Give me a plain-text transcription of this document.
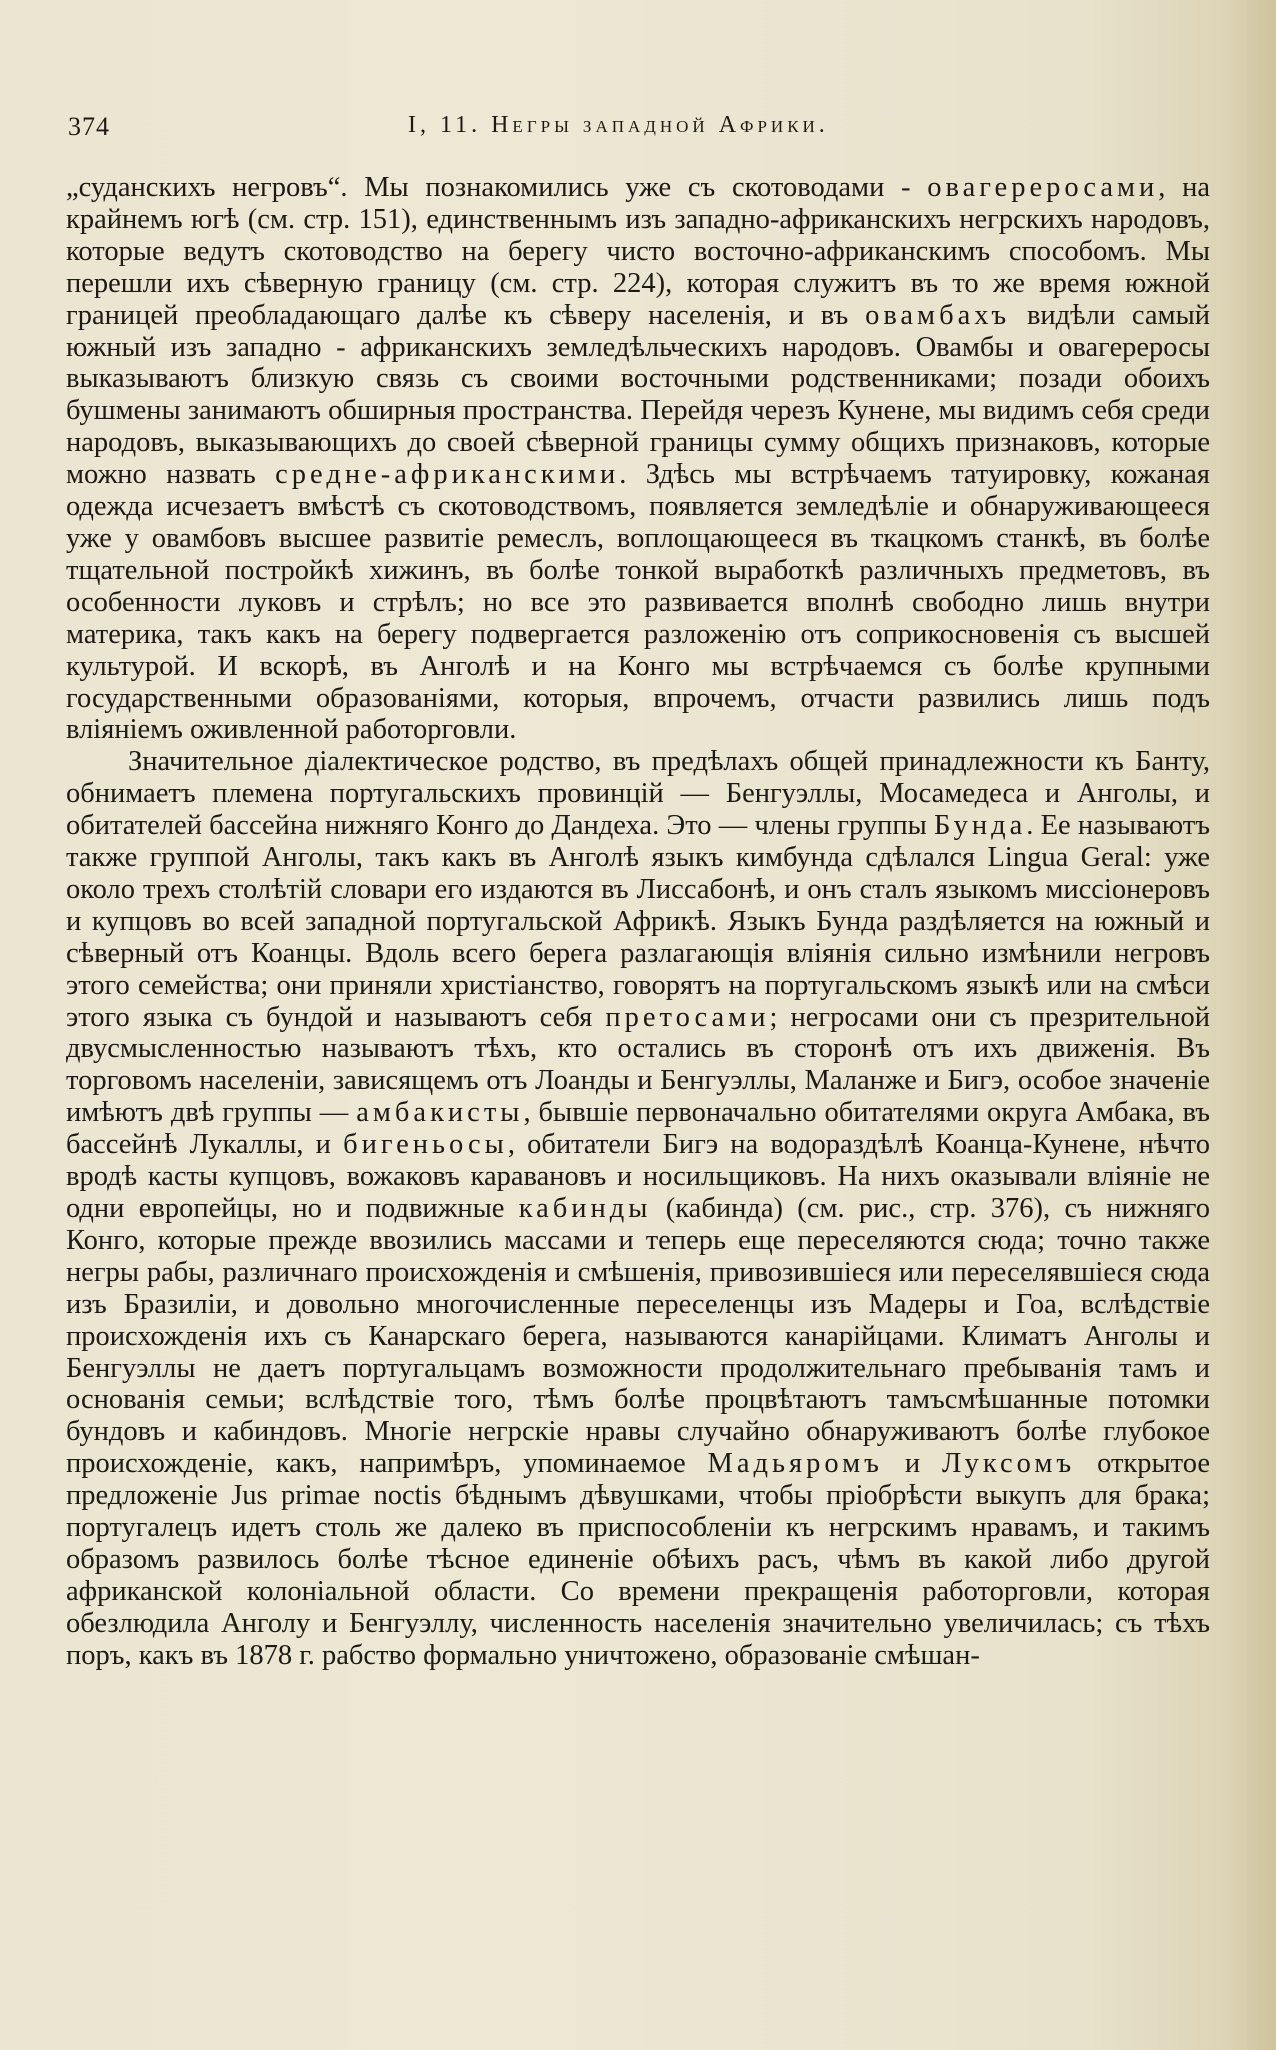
374	I, 11. Негры западной Африки.

„суданскихъ негровъ“. Мы познакомились уже съ скотоводами - овагереросами, на крайнемъ югѣ (см. стр. 151), единственнымъ изъ западно-африканскихъ негрскихъ народовъ, которые ведутъ скотоводство на берегу чисто восточно-африканскимъ способомъ. Мы перешли ихъ сѣверную границу (см. стр. 224), которая служитъ въ то же время южной границей преобладающаго далѣе къ сѣверу населенія, и въ овамбахъ видѣли самый южный изъ западно - африканскихъ земледѣльческихъ народовъ. Овамбы и овагереросы выказываютъ близкую связь съ своими восточными родственниками; позади обоихъ бушмены занимаютъ обширныя пространства. Перейдя черезъ Кунене, мы видимъ себя среди народовъ, выказывающихъ до своей сѣверной границы сумму общихъ признаковъ, которые можно назвать средне-африканскими. Здѣсь мы встрѣчаемъ татуировку, кожаная одежда исчезаетъ вмѣстѣ съ скотоводствомъ, появляется земледѣліе и обнаруживающееся уже у овамбовъ высшее развитіе ремеслъ, воплощающееся въ ткацкомъ станкѣ, въ болѣе тщательной постройкѣ хижинъ, въ болѣе тонкой выработкѣ различныхъ предметовъ, въ особенности луковъ и стрѣлъ; но все это развивается вполнѣ свободно лишь внутри материка, такъ какъ на берегу подвергается разложенію отъ соприкосновенія съ высшей культурой. И вскорѣ, въ Анголѣ и на Конго мы встрѣчаемся съ болѣе крупными государственными образованіями, которыя, впрочемъ, отчасти развились лишь подъ вліяніемъ оживленной работорговли.

Значительное діалектическое родство, въ предѣлахъ общей принадлежности къ Банту, обнимаетъ племена португальскихъ провинцій — Бенгуэллы, Мосамедеса и Анголы, и обитателей бассейна нижняго Конго до Дандеха. Это — члены группы Бунда. Ее называютъ также группой Анголы, такъ какъ въ Анголѣ языкъ кимбунда сдѣлался Lingua Geral: уже около трехъ столѣтій словари его издаются въ Лиссабонѣ, и онъ сталъ языкомъ миссіонеровъ и купцовъ во всей западной португальской Африкѣ. Языкъ Бунда раздѣляется на южный и сѣверный отъ Коанцы. Вдоль всего берега разлагающія вліянія сильно измѣнили негровъ этого семейства; они приняли христіанство, говорятъ на португальскомъ языкѣ или на смѣси этого языка съ бундой и называютъ себя претосами; негросами они съ презрительной двусмысленностью называютъ тѣхъ, кто остались въ сторонѣ отъ ихъ движенія. Въ торговомъ населеніи, зависящемъ отъ Лоанды и Бенгуэллы, Маланже и Бигэ, особое значеніе имѣютъ двѣ группы — амбакисты, бывшіе первоначально обитателями округа Амбака, въ бассейнѣ Лукаллы, и бигеньосы, обитатели Бигэ на водораздѣлѣ Коанца-Кунене, нѣчто вродѣ касты купцовъ, вожаковъ каравановъ и носильщиковъ. На нихъ оказывали вліяніе не одни европейцы, но и подвижные кабинды (кабинда) (см. рис., стр. 376), съ нижняго Конго, которые прежде ввозились массами и теперь еще переселяются сюда; точно также негры рабы, различнаго происхожденія и смѣшенія, привозившіеся или переселявшіеся сюда изъ Бразиліи, и довольно многочисленные переселенцы изъ Мадеры и Гоа, вслѣдствіе происхожденія ихъ съ Канарскаго берега, называются канарійцами. Климатъ Анголы и Бенгуэллы не даетъ португальцамъ возможности продолжительнаго пребыванія тамъ и основанія семьи; вслѣдствіе того, тѣмъ болѣе процвѣтаютъ тамъсмѣшанные потомки бундовъ и кабиндовъ. Многіе негрскіе нравы случайно обнаруживаютъ болѣе глубокое происхожденіе, какъ, напримѣръ, упоминаемое Мадьяромъ и Луксомъ открытое предложеніе Jus primae noctis бѣднымъ дѣвушками, чтобы пріобрѣсти выкупъ для брака; португалецъ идетъ столь же далеко въ приспособленіи къ негрскимъ нравамъ, и такимъ образомъ развилось болѣе тѣсное единеніе обѣихъ расъ, чѣмъ въ какой либо другой африканской колоніальной области. Со времени прекращенія работорговли, которая обезлюдила Анголу и Бенгуэллу, численность населенія значительно увеличилась; съ тѣхъ поръ, какъ въ 1878 г. рабство формально уничтожено, образованіе смѣшан-
